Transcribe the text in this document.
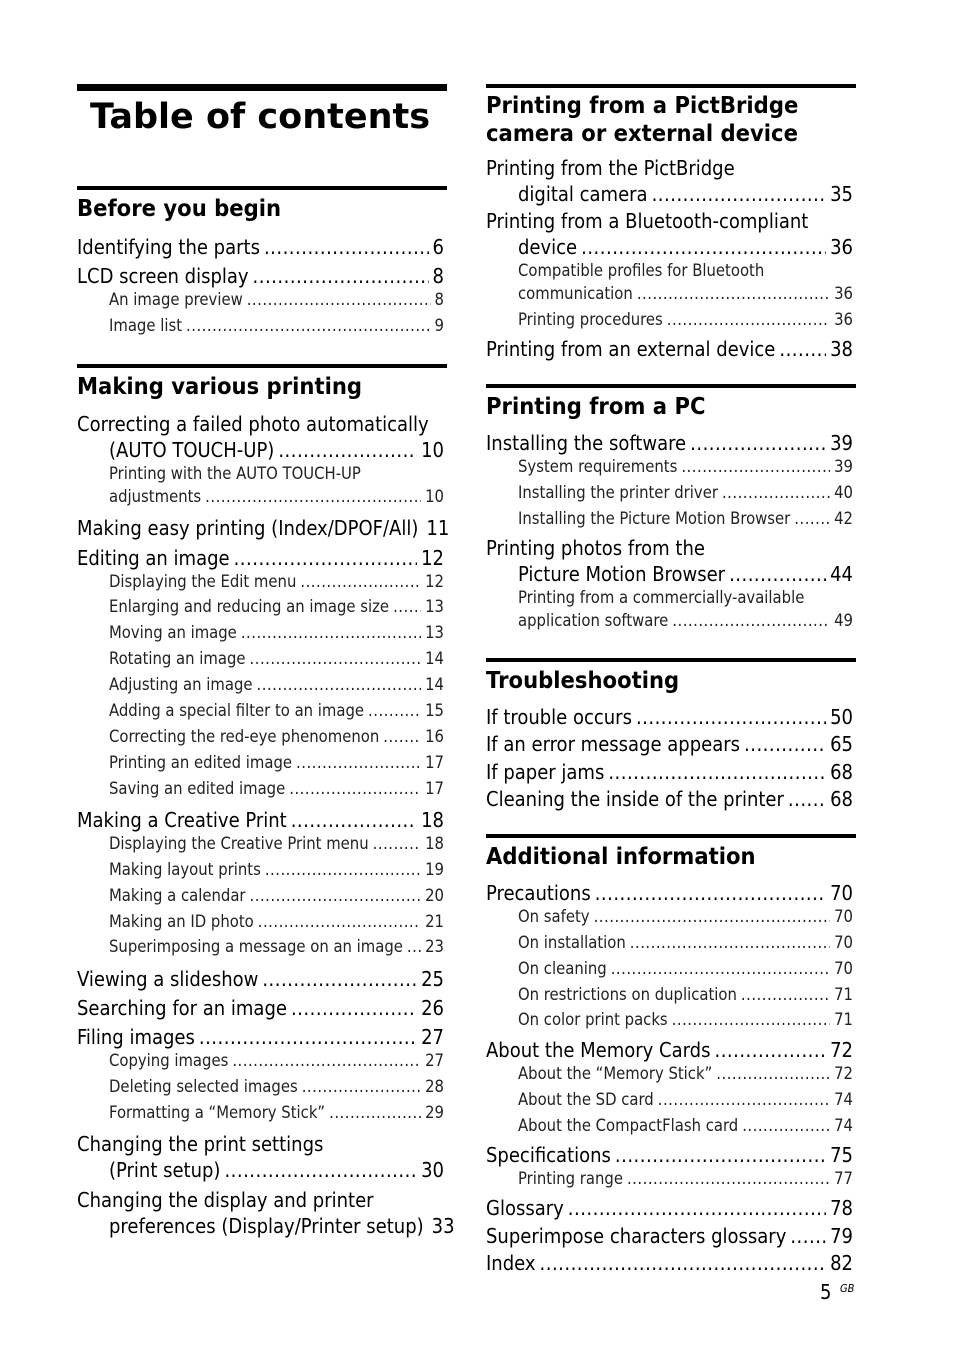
Table of contents
Before you begin
Identifying the parts .....	6
LCD screen display .....	8
An image preview .....	8
Image list .....	9
Making various printing
Correcting a failed photo automatically
(AUTO TOUCH-UP) .....	10
Printing with the AUTO TOUCH-UP
adjustments .....	10
Making easy printing (Index/DPOF/All) 11
Editing an image .....	12
Displaying the Edit menu .....	12
Enlarging and reducing an image size ..... 13
Moving an image .....	13
Rotating an image .....	14
Adjusting an image .....	14
Adding a special filter to an image .....	15
Correcting the red-eye phenomenon .....	16
Printing an edited image .....	17
Saving an edited image .....	17
Making a Creative Print .....	18
Displaying the Creative Print menu .....	18
Making layout prints .....	19
Making a calendar .....	20
Making an ID photo .....	21
Superimposing a message on an image ..... 23
Viewing a slideshow .....	25
Searching for an image .....	26
Filing images .....	27
Copying images .....	27
Deleting selected images .....	28
Formatting a “Memory Stick” .....	29
Changing the print settings
(Print setup) .....	30
Changing the display and printer
preferences (Display/Printer setup) 33
Printing from a PictBridge
camera or external device
Printing from the PictBridge
digital camera .....	35
Printing from a Bluetooth-compliant
device .....	36
Compatible profiles for Bluetooth
communication .....	36
Printing procedures .....	36
Printing from an external device .....	38
Printing from a PC
Installing the software .....	39
System requirements .....	39
Installing the printer driver .....	40
Installing the Picture Motion Browser .....	42
Printing photos from the
Picture Motion Browser .....	44
Printing from a commercially-available
application software .....	49
Troubleshooting
If trouble occurs .....	50
If an error message appears .....	65
If paper jams .....	68
Cleaning the inside of the printer ..... 68
Additional information
Precautions .....	70
On safety .....	70
On installation .....	70
On cleaning .....	70
On restrictions on duplication .....	71
On color print packs .....	71
About the Memory Cards .....	72
About the “Memory Stick” .....	72
About the SD card .....	74
About the CompactFlash card .....	74
Specifications .....	75
Printing range .....	77
Glossary .....	78
Superimpose characters glossary ..... 79
Index .....	82
5 GB
